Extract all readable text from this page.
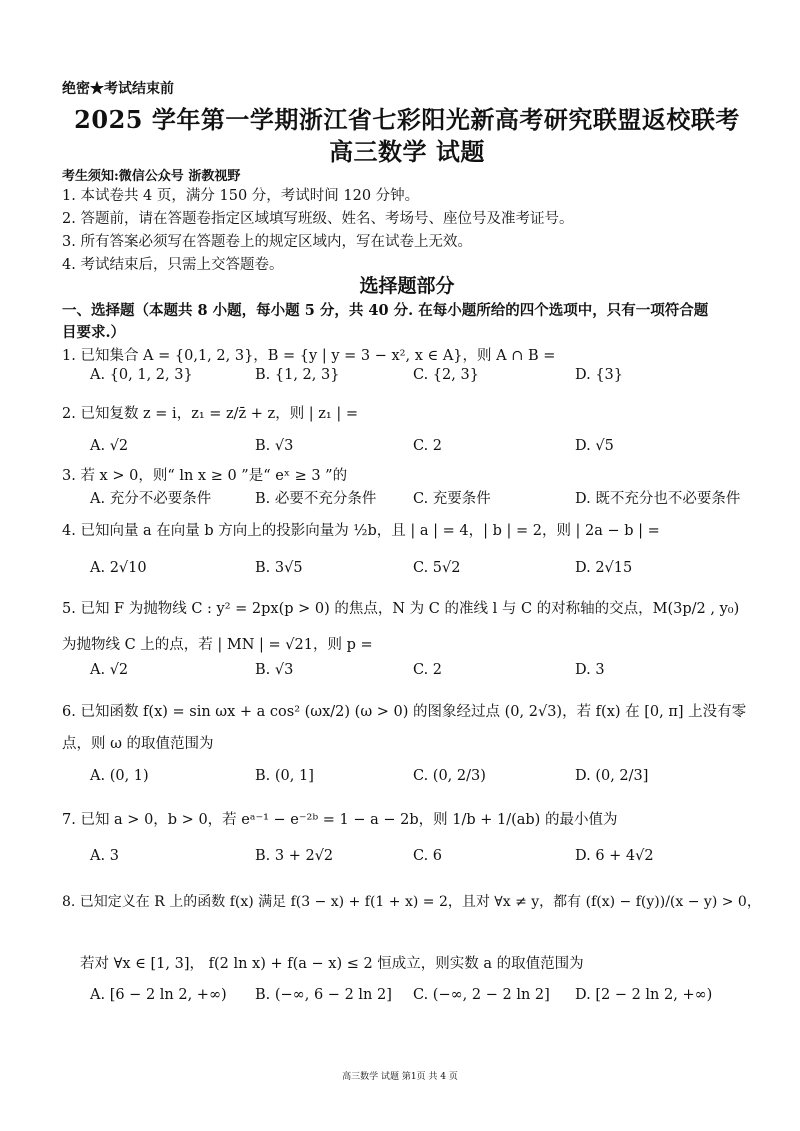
绝密★考试结束前
2025 学年第一学期浙江省七彩阳光新高考研究联盟返校联考
高三数学 试题
考生须知:微信公众号 浙教视野
1. 本试卷共 4 页，满分 150 分，考试时间 120 分钟。
2. 答题前，请在答题卷指定区域填写班级、姓名、考场号、座位号及准考证号。
3. 所有答案必须写在答题卷上的规定区域内，写在试卷上无效。
4. 考试结束后，只需上交答题卷。
选择题部分
一、选择题（本题共 8 小题，每小题 5 分，共 40 分. 在每小题所给的四个选项中，只有一项符合题
目要求.）
1. 已知集合 A = {0,1, 2, 3}，B = {y | y = 3 − x², x ∈ A}，则 A ∩ B =
A. {0, 1, 2, 3}	B. {1, 2, 3}	C. {2, 3}	D. {3}
2. 已知复数 z = i，z₁ = z/z̄ + z，则 | z₁ | =
A. √2	B. √3	C. 2	D. √5
3. 若 x > 0，则“ ln x ≥ 0 ”是“ eˣ ≥ 3 ”的
A. 充分不必要条件	B. 必要不充分条件	C. 充要条件	D. 既不充分也不必要条件
4. 已知向量 a 在向量 b 方向上的投影向量为 ½b，且 | a | = 4，| b | = 2，则 | 2a − b | =
A. 2√10	B. 3√5	C. 5√2	D. 2√15
5. 已知 F 为抛物线 C : y² = 2px(p > 0) 的焦点，N 为 C 的准线 l 与 C 的对称轴的交点，M(3p/2 , y₀)
为抛物线 C 上的点，若 | MN | = √21，则 p =
A. √2	B. √3	C. 2	D. 3
6. 已知函数 f(x) = sin ωx + a cos² (ωx/2) (ω > 0) 的图象经过点 (0, 2√3)，若 f(x) 在 [0, π] 上没有零
点，则 ω 的取值范围为
A. (0, 1)	B. (0, 1]	C. (0, 2/3)	D. (0, 2/3]
7. 已知 a > 0，b > 0，若 eᵃ⁻¹ − e⁻²ᵇ = 1 − a − 2b，则 1/b + 1/(ab) 的最小值为
A. 3	B. 3 + 2√2	C. 6	D. 6 + 4√2
8. 已知定义在 R 上的函数 f(x) 满足 f(3 − x) + f(1 + x) = 2，且对 ∀x ≠ y，都有 (f(x) − f(y))/(x − y) > 0，
若对 ∀x ∈ [1, 3]， f(2 ln x) + f(a − x) ≤ 2 恒成立，则实数 a 的取值范围为
A. [6 − 2 ln 2, +∞) B. (−∞, 6 − 2 ln 2] C. (−∞, 2 − 2 ln 2] D. [2 − 2 ln 2, +∞)
高三数学 试题 第1页 共 4 页
